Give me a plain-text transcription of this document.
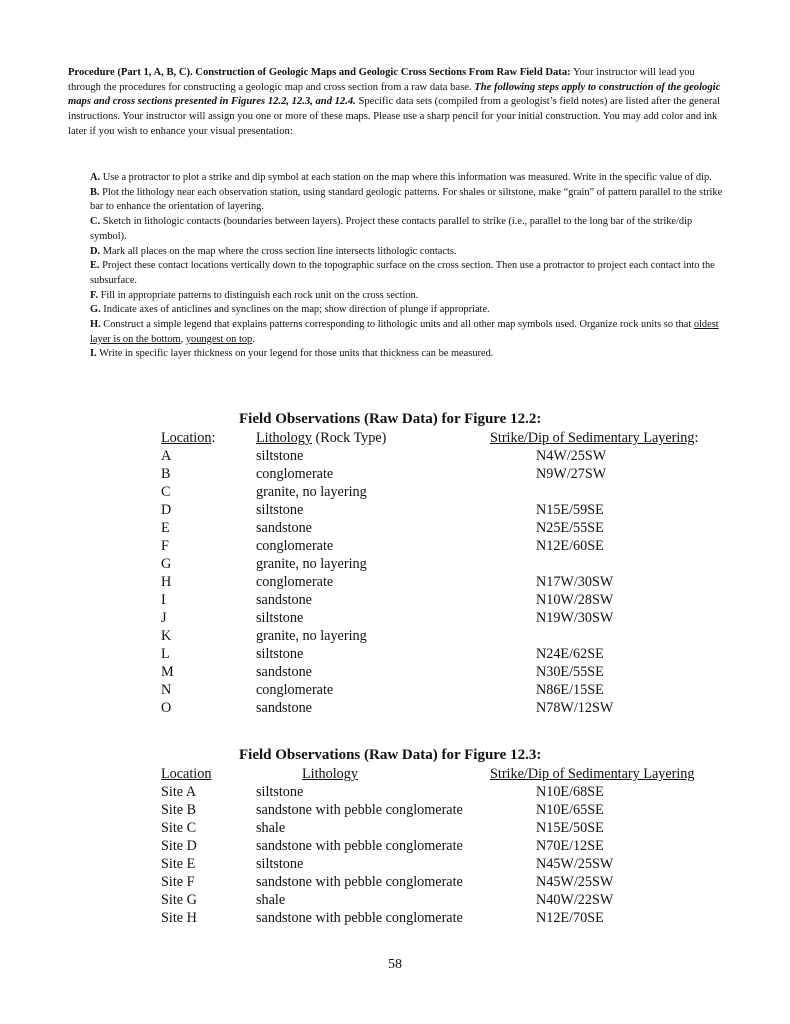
Procedure (Part 1, A, B, C). Construction of Geologic Maps and Geologic Cross Sections From Raw Field Data: Your instructor will lead you through the procedures for constructing a geologic map and cross section from a raw data base. The following steps apply to construction of the geologic maps and cross sections presented in Figures 12.2, 12.3, and 12.4. Specific data sets (compiled from a geologist’s field notes) are listed after the general instructions. Your instructor will assign you one or more of these maps. Please use a sharp pencil for your initial construction. You may add color and ink later if you wish to enhance your visual presentation:

A. Use a protractor to plot a strike and dip symbol at each station on the map where this information was measured. Write in the specific value of dip.

B. Plot the lithology near each observation station, using standard geologic patterns. For shales or siltstone, make “grain” of pattern parallel to the strike bar to enhance the orientation of layering.

C. Sketch in lithologic contacts (boundaries between layers). Project these contacts parallel to strike (i.e., parallel to the long bar of the strike/dip symbol).

D. Mark all places on the map where the cross section line intersects lithologic contacts.

E. Project these contact locations vertically down to the topographic surface on the cross section. Then use a protractor to project each contact into the subsurface.

F. Fill in appropriate patterns to distinguish each rock unit on the cross section.

G. Indicate axes of anticlines and synclines on the map; show direction of plunge if appropriate.

H. Construct a simple legend that explains patterns corresponding to lithologic units and all other map symbols used. Organize rock units so that oldest layer is on the bottom, youngest on top.

I. Write in specific layer thickness on your legend for those units that thickness can be measured.

Field Observations (Raw Data) for Figure 12.2:
Location:	Lithology (Rock Type)	Strike/Dip of Sedimentary Layering:
A	siltstone	N4W/25SW
B	conglomerate	N9W/27SW
C	granite, no layering
D	siltstone	N15E/59SE
E	sandstone	N25E/55SE
F	conglomerate	N12E/60SE
G	granite, no layering
H	conglomerate	N17W/30SW
I	sandstone	N10W/28SW
J	siltstone	N19W/30SW
K	granite, no layering
L	siltstone	N24E/62SE
M	sandstone	N30E/55SE
N	conglomerate	N86E/15SE
O	sandstone	N78W/12SW
Field Observations (Raw Data) for Figure 12.3:
Location	Lithology	Strike/Dip of Sedimentary Layering
Site A	siltstone	N10E/68SE
Site B	sandstone with pebble conglomerate	N10E/65SE
Site C	shale	N15E/50SE
Site D	sandstone with pebble conglomerate	N70E/12SE
Site E	siltstone	N45W/25SW
Site F	sandstone with pebble conglomerate	N45W/25SW
Site G	shale	N40W/22SW
Site H	sandstone with pebble conglomerate	N12E/70SE
58
